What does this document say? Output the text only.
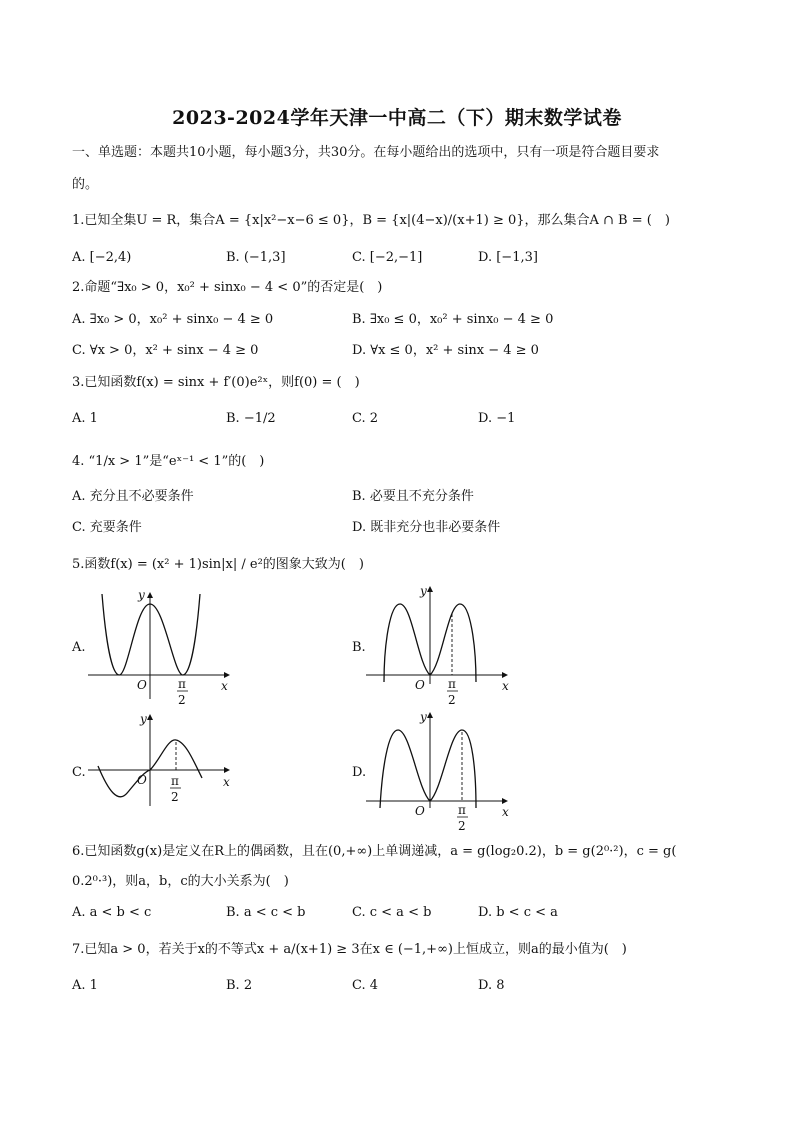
2023-2024学年天津一中高二（下）期末数学试卷
一、单选题：本题共10小题，每小题3分，共30分。在每小题给出的选项中，只有一项是符合题目要求
的。
1.已知全集U = R，集合A = {x|x²−x−6 ≤ 0}，B = {x|(4−x)/(x+1) ≥ 0}，那么集合A ∩ B = (　)
A. [−2,4)	B. (−1,3]	C. [−2,−1]	D. [−1,3]
2.命题“∃x₀ > 0，x₀² + sinx₀ − 4 < 0”的否定是(　)
A. ∃x₀ > 0，x₀² + sinx₀ − 4 ≥ 0	B. ∃x₀ ≤ 0，x₀² + sinx₀ − 4 ≥ 0
C. ∀x > 0，x² + sinx − 4 ≥ 0	D. ∀x ≤ 0，x² + sinx − 4 ≥ 0
3.已知函数f(x) = sinx + f′(0)e²ˣ，则f(0) = (　)
A. 1	B. −1/2	C. 2	D. −1
4. “1/x > 1”是“eˣ⁻¹ < 1”的(　)
A. 充分且不必要条件	B. 必要且不充分条件
C. 充要条件	D. 既非充分也非必要条件
5.函数f(x) = (x² + 1)sin|x| / e²的图象大致为(　)
A.
y
O	x
π
2
B.
y
O	x
π
2
C.
y
O	x
π
2
D.
y
O	x
π
2
6.已知函数g(x)是定义在R上的偶函数，且在(0,+∞)上单调递减，a = g(log₂0.2)，b = g(2⁰·²)，c = g(
0.2⁰·³)，则a，b，c的大小关系为(　)
A. a < b < c	B. a < c < b	C. c < a < b	D. b < c < a
7.已知a > 0，若关于x的不等式x + a/(x+1) ≥ 3在x ∈ (−1,+∞)上恒成立，则a的最小值为(　)
A. 1	B. 2	C. 4	D. 8
